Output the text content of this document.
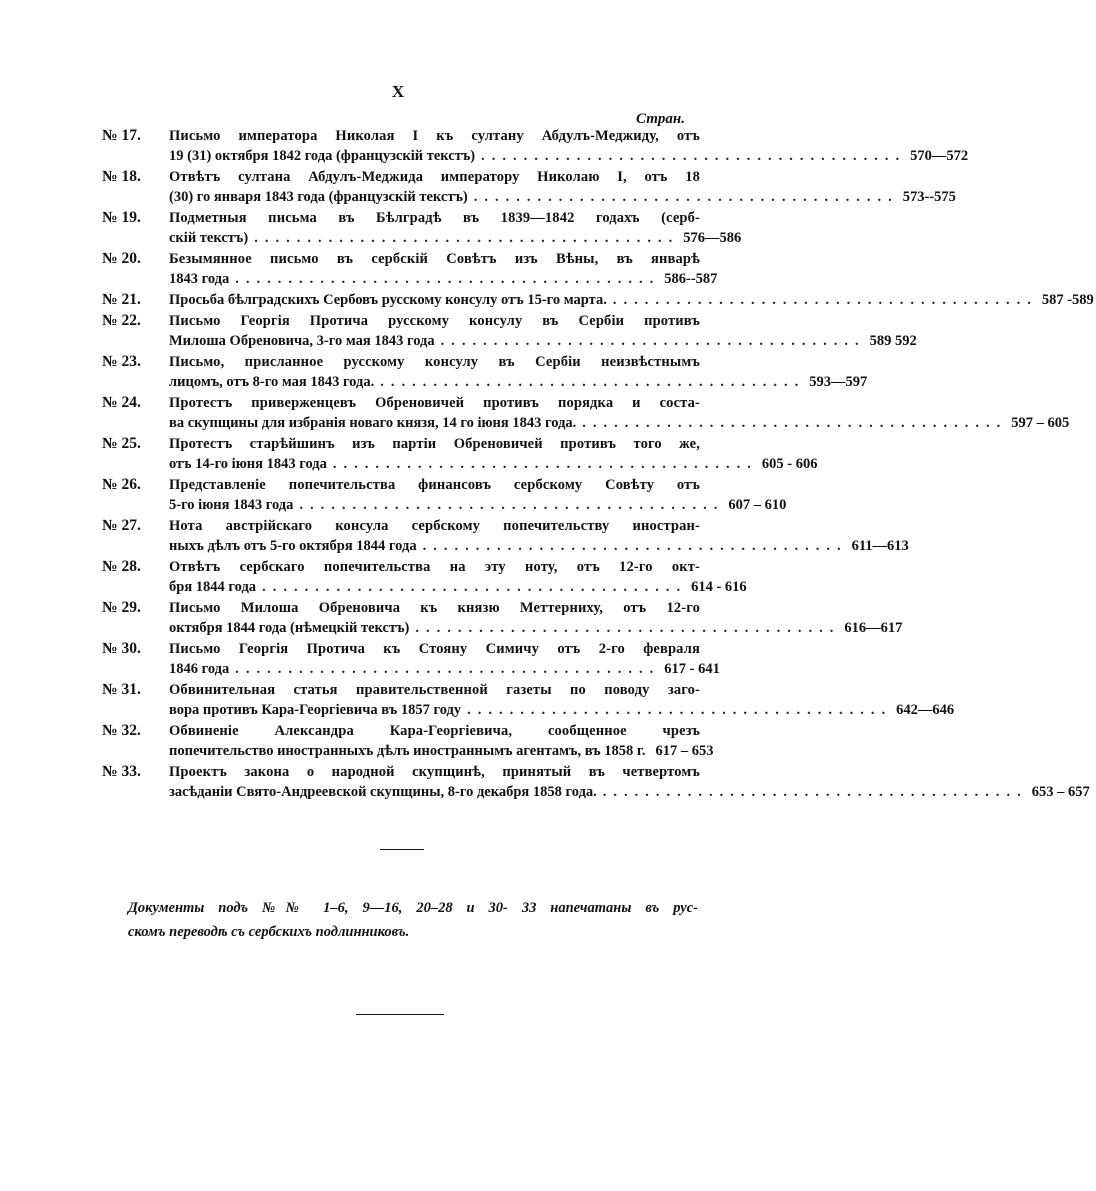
X
Стран.
№ 17. Письмо императора Николая I къ султану Абдулъ-Меджиду, отъ
19 (31) октября 1842 года (французскій текстъ) ........................................ 570—572
№ 18. Отвѣтъ султана Абдулъ-Меджида императору Николаю I, отъ 18
(30) го января 1843 года (французскій текстъ) ........................................ 573--575
№ 19. Подметныя письма въ Бѣлградѣ въ 1839—1842 годахъ (серб-
скій текстъ) ........................................ 576—586
№ 20. Безымянное письмо въ сербскій Совѣтъ изъ Вѣны, въ январѣ
1843 года ........................................ 586--587
№ 21. Просьба бѣлградскихъ Сербовъ русскому консулу отъ 15-го марта. ........................................ 587 -589
№ 22. Письмо Георгія Протича русскому консулу въ Сербіи противъ
Милоша Обреновича, 3-го мая 1843 года ........................................ 589 592
№ 23. Письмо, присланное русскому консулу въ Сербіи неизвѣстнымъ
лицомъ, отъ 8-го мая 1843 года. ........................................ 593—597
№ 24. Протестъ приверженцевъ Обреновичей противъ порядка и соста-
ва скупщины для избранія новаго князя, 14 го іюня 1843 года. ........................................ 597 – 605
№ 25. Протестъ старѣйшинъ изъ партіи Обреновичей противъ того же,
отъ 14-го іюня 1843 года ........................................ 605 - 606
№ 26. Представленіе попечительства финансовъ сербскому Совѣту отъ
5-го іюня 1843 года ........................................ 607 – 610
№ 27. Нота австрійскаго консула сербскому попечительству иностран-
ныхъ дѣлъ отъ 5-го октября 1844 года ........................................ 611—613
№ 28. Отвѣтъ сербскаго попечительства на эту ноту, отъ 12-го окт-
бря 1844 года ........................................ 614 - 616
№ 29. Письмо Милоша Обреновича къ князю Меттерниху, отъ 12-го
октября 1844 года (нѣмецкій текстъ) ........................................ 616—617
№ 30. Письмо Георгія Протича къ Стояну Симичу отъ 2-го февраля
1846 года ........................................ 617 - 641
№ 31. Обвинительная статья правительственной газеты по поводу заго-
вора противъ Кара-Георгіевича въ 1857 году ........................................ 642—646
№ 32. Обвиненіе Александра Кара-Георгіевича, сообщенное чрезъ
попечительство иностранныхъ дѣлъ иностраннымъ агентамъ, въ 1858 г. 617 – 653
№ 33. Проектъ закона о народной скупщинѣ, принятый въ четвертомъ
засѣданіи Свято-Андреевской скупщины, 8-го декабря 1858 года. ........................................ 653 – 657
Документы подъ №№ 1–6, 9—16, 20–28 и 30- 33 напечатаны въ рус-
скомъ переводѣ съ сербскихъ подлинниковъ.
